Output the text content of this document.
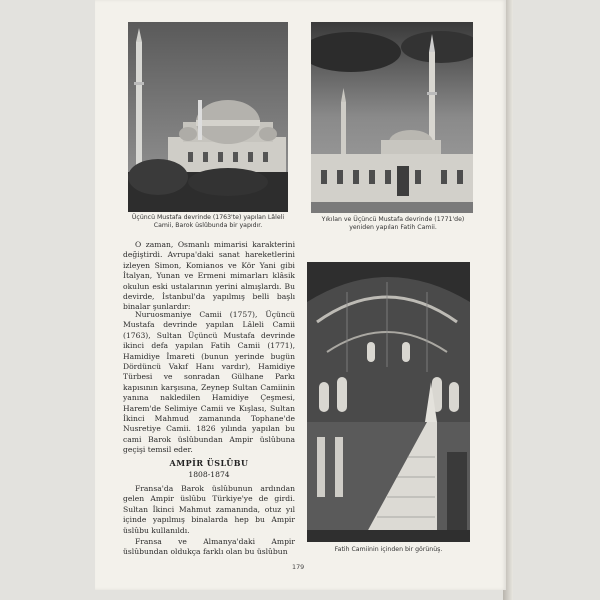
Üçüncü Mustafa devrinde (1763'te) yapılan Lâleli Camii, Barok üslûbunda bir yapıdır.
Yıkılan ve Üçüncü Mustafa devrinde (1771'de) yeniden yapılan Fatih Camii.

O zaman, Osmanlı mimarisi karakterini değiştirdi. Avrupa'daki sanat hareketlerini izleyen Simon, Komianos ve Kör Yani gibi İtalyan, Yunan ve Ermeni mimarları klâsik okulun eski ustalarının yerini almışlardı. Bu devirde, İstanbul'da yapılmış belli başlı binalar şunlardır:

Nuruosmaniye Camii (1757), Üçüncü Mustafa devrinde yapılan Lâleli Camii (1763), Sultan Üçüncü Mustafa devrinde ikinci defa yapılan Fatih Camii (1771), Hamidiye İmareti (bunun yerinde bugün Dördüncü Vakıf Hanı vardır), Hamidiye Türbesi ve sonradan Gülhane Parkı kapısının karşısına, Zeynep Sultan Camiinin yanına nakledilen Hamidiye Çeşmesi, Harem'de Selimiye Camii ve Kışlası, Sultan İkinci Mahmud zamanında Tophane'de Nusretiye Camii. 1826 yılında yapılan bu cami Barok üslûbundan Ampir üslûbuna geçişi temsil eder.

AMPİR ÜSLÛBU
1808-1874

Fransa'da Barok üslûbunun ardından gelen Ampir üslûbu Türkiye'ye de girdi. Sultan İkinci Mahmut zamanında, otuz yıl içinde yapılmış binalarda hep bu Ampir üslûbu kullanıldı.

Fransa ve Almanya'daki Ampir üslûbundan oldukça farklı olan bu üslûbun	Fatih Camiinin içinden bir görünüş.
179
